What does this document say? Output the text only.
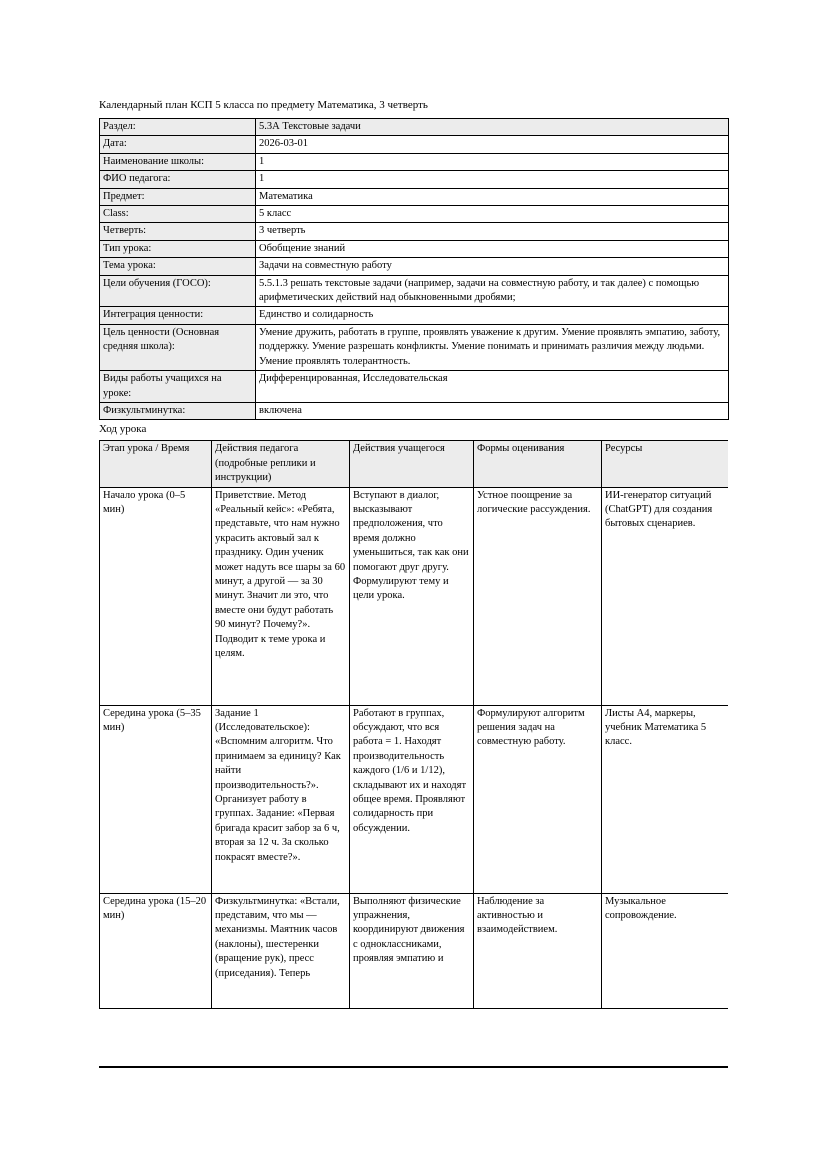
Календарный план КСП 5 класса по предмету Математика, 3 четверть
Раздел:	5.3А Текстовые задачи
Дата:	2026-03-01
Наименование школы:	1
ФИО педагога:	1
Предмет:	Математика
Class:	5 класс
Четверть:	3 четверть
Тип урока:	Обобщение знаний
Тема урока:	Задачи на совместную работу
Цели обучения (ГОСО):	5.5.1.3 решать текстовые задачи (например, задачи на совместную работу, и так далее) с помощью арифметических действий над обыкновенными дробями;
Интеграция ценности:	Единство и солидарность
Цель ценности (Основная средняя школа):	Умение дружить, работать в группе, проявлять уважение к другим. Умение проявлять эмпатию, заботу, поддержку. Умение разрешать конфликты. Умение понимать и принимать различия между людьми. Умение проявлять толерантность.
Виды работы учащихся на уроке:	Дифференцированная, Исследовательская
Физкультминутка:	включена
Ход урока
Этап урока / Время	Действия педагога (подробные реплики и инструкции)	Действия учащегося	Формы оценивания	Ресурсы
Начало урока (0–5 мин)	Приветствие. Метод «Реальный кейс»: «Ребята, представьте, что нам нужно украсить актовый зал к празднику. Один ученик может надуть все шары за 60 минут, а другой — за 30 минут. Значит ли это, что вместе они будут работать 90 минут? Почему?». Подводит к теме урока и целям.	Вступают в диалог, высказывают предположения, что время должно уменьшиться, так как они помогают друг другу. Формулируют тему и цели урока.	Устное поощрение за логические рассуждения.	ИИ-генератор ситуаций (ChatGPT) для создания бытовых сценариев.
Середина урока (5–35 мин)	Задание 1 (Исследовательское): «Вспомним алгоритм. Что принимаем за единицу? Как найти производительность?». Организует работу в группах. Задание: «Первая бригада красит забор за 6 ч, вторая за 12 ч. За сколько покрасят вместе?».	Работают в группах, обсуждают, что вся работа = 1. Находят производительность каждого (1/6 и 1/12), складывают их и находят общее время. Проявляют солидарность при обсуждении.	Формулируют алгоритм решения задач на совместную работу.	Листы А4, маркеры, учебник Математика 5 класс.
Середина урока (15–20 мин)	Физкультминутка: «Встали, представим, что мы — механизмы. Маятник часов (наклоны), шестеренки (вращение рук), пресс (приседания). Теперь	Выполняют физические упражнения, координируют движения с одноклассниками, проявляя эмпатию и	Наблюдение за активностью и взаимодействием.	Музыкальное сопровождение.
